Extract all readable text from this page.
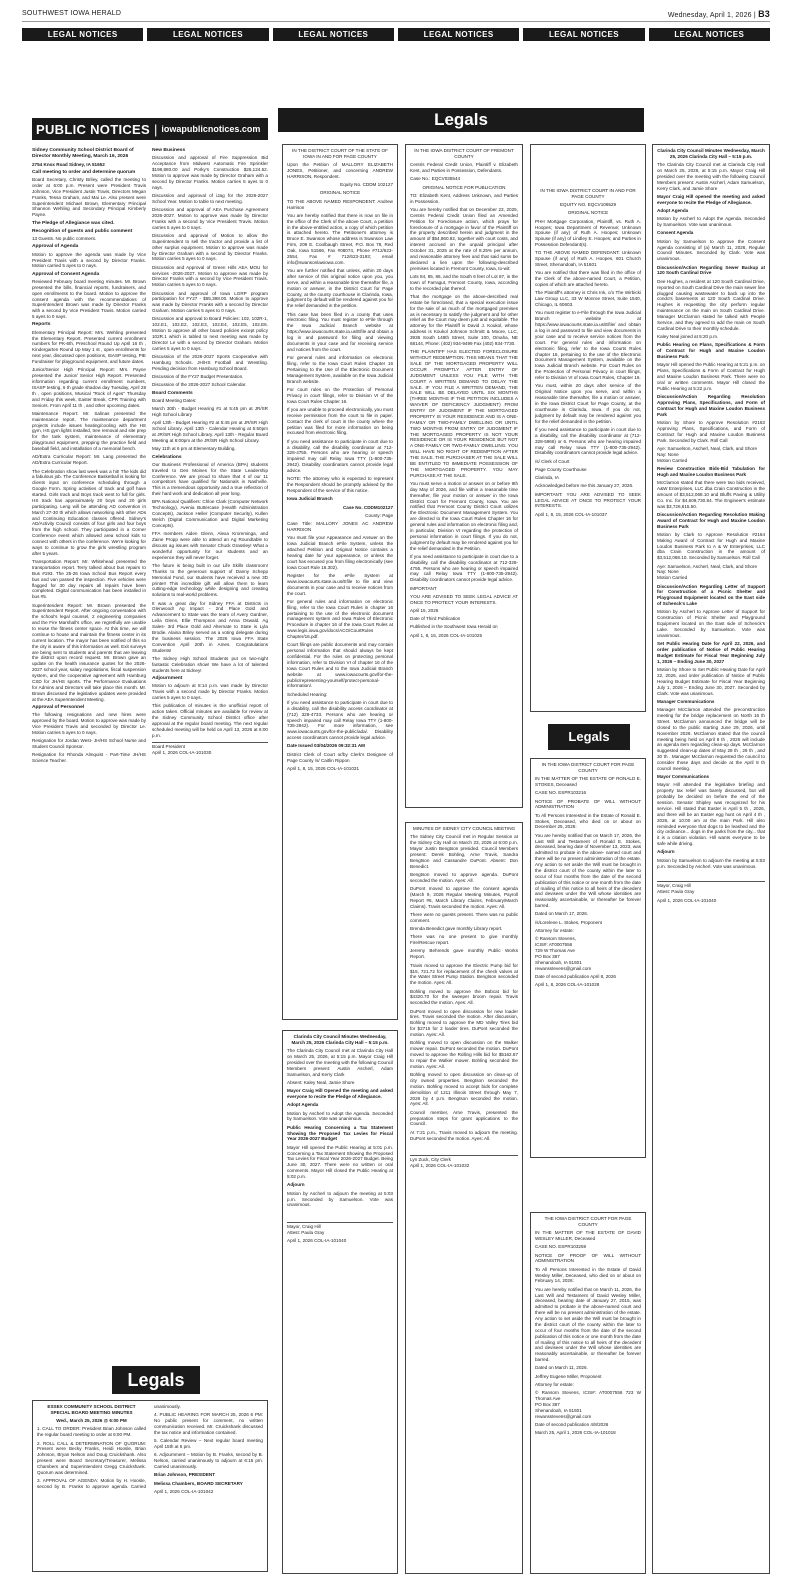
SOUTHWEST IOWA HERALD	Wednesday, April 1, 2026 | B3
LEGAL NOTICES	LEGAL NOTICES	LEGAL NOTICES	LEGAL NOTICES	LEGAL NOTICES	LEGAL NOTICES
Legals
PUBLIC NOTICES | iowapublicnotices.com
Sidney Community School District Board of Director Monthly Meeting, March 16, 2026

2754 Knox Road Sidney, IA 51652

Call meeting to order and determine quorum

Board Secretary, Christy Briley, called the meeting to order at 6:00 p.m. Present were President Travis Johnson, Vice President Justin Travis, Directors Megan Franks, Tessa Graham, and Mai Le. Also present were Superintendent Michael Brown, Elementary Principal Shannon Wehling and Secondary Principal Kimberly Payne.

The Pledge of Allegiance was cited.
Recognition of guests and public comment

13 Guests. No public comment.

Approval of Agenda

Motion to approve the agenda was made by Vice President Travis with a second by Director Franks. Motion carried 5 ayes to 0 nays.

Approval of Consent Agenda

Reviewed February board meeting minutes. Mr. Brown presented the bills, financial reports, fundraisers, and open enrollments to the board. Motion to approve the consent agenda with the recommendations of Superintendent Brown was made by Director Franks with a second by Vice President Travis. Motion carried 5 ayes to 0 nays.

Reports

Elementary Principal Report: Mrs. Wehling presented the Elementary Report. Presented current enrollment numbers for PK-6th, Preschool Round Up April 16 th , Kindergarten Round Up May 1 st , open enrollments for next year, discussed open positions, ISASP testing, PIE Fundraiser for playground equipment, and future dates.

Junior/Senior High Principal Report: Mrs. Payne presented the Junior/ Senior High Report. Presented information regarding current enrollment numbers, ISASP testing, 6 th grade shadow day Tuesday, April 28 th , open positions, Musical "Rock of Ages" Thursday and Friday this week, Easter Break, CPR Training with Seniors. From April 11 th , and other upcoming dates.

Maintenance Report: Mr. Salinas presented the maintenance report. The maintenance department projects include issues heating/cooling with the HS gym, HS gym lights installed, tree removal and site prep for the tank system, maintenance of elementary playground equipment, prepping the practice field and baseball field, and installation of a memorial bench.

AD/Extra Curricular Report: Mr. Lang presented the AD/Extra Curricular Report.

The Celebration show last week was a hit! The kids did a fabulous job. The Conference Basketball is looking for clients input on conference scheduling through a Google Form. Spring activities of track and golf have started. Girls track and Boys track went to full for girls. HS track has approximately 20 boys and 20 girls participating. Leng will be attending AD convention in March 27-30 th which allows networking with other ADs and Continuing Education classes offered. Sidney's AD/Activity Council consists of four girls and four boys from the high school. They participated in a Corner Conference event which allowed area school kids to connect with others in the conference. We're looking for ways to continue to grow the girls wrestling program after 5 years.

Transportation Report: Mr. Whitehead presented the transportation report. Terry talked about bus repairs to Bus #193. The 25-26 Iowa School Bus Report every bus and van passed the inspection. Five vehicles were flagged for 30 day repairs all repairs have been completed. Digital communication has been installed in bus #5.

Superintendent Report: Mr. Brown presented the Superintendent Report. After ongoing conversation with the school's legal counsel, 2 engineering companies and the Fire Marshall's office, we regretfully are unable to reuse the fitness center space. At this time, we will continue to house and maintain the fitness center in its current location. The mayor has been notified of this so the city is aware of this information as well. Exit surveys are being sent to students and parents that are leaving the district upon record request. Mr. Brown gave an update on the health insurance quotes for the 2026-2027 school year, salary negotiations, fiscal suspension system, and the cooperative agreement with Hamburg CSD for JH/HS sports. The Performance Evaluations for Admins and Directors will take place this month. Mr. Brown discussed the legislative updates were provided at the AEA Superintendent Meeting.

Approval of Personnel

The following resignations and new hires were approved by the board. Motion to approve was made by Vice President Travis and seconded by Director Le. Motion carries 5 ayes to 0 nays.

Resignation for Jordan West- JH/HS School Nurse and Student Council Sponsor.

Resignation for Rhonda Almquist - Part-Time JH/HS Science Teacher.

New Business

Discussion and approval of Fire Suppression Bid Acceptance from Midwest Automatic Fire Sprinkler $198,880.00 and Porky's Construction $26,124.52. Motion to approve was made by Director Graham with a second by Director Franks. Motion carries 5 ayes to 0 nays.

Discussion and approval of iJag for the 2026-2027 School Year. Motion to table to next meeting.

Discussion and approval of AEA Purchase Agreement 2026-2027. Motion to approve was made by Director Franks with a second by Vice President Travis. Motion carries 5 ayes to 0 nays.

Discussion and approval of Motion to allow the Superintendent to sell the tractor and provide a list of other surplus equipment. Motion to approve was made by Director Graham with a second by Director Franks. Motion carries 5 ayes to 0 nays.

Discussion and Approval of Green Hills AEA MOU for services -2026-2027. Motion to approve was made by Director Franks with a second by Vice President Travis. Motion carries 5 ayes to 0 nays.

Discussion and approval of Iowa LGRP program participation for FY27 - $55,398.00. Motion to approve was made by Director Franks with a second by Director Graham. Motion carries 5 ayes to 0 nays.

Discussion and approval to Board Policies: 102, 102R-1, 102.E1, 102.E2, 102.E3, 102.E4, 102.E5, 102.E6. Motion to approve all other board policies except policy 102R.1 which is tabled to next meeting was made by Director Le with a second by Director Graham. Motion carries 5 ayes to 0 nays.

Discussion of the 2026-2027 Sports Cooperative with Hamburg Schools. JH/HS Football and Wrestling. Pending decision from Hamburg School Board.

Discussion of the FY27 Budget Presentation.

Discussion of the 2026-2027 School Calendar.

Board Comments

Board Meeting Dates:

March 30th - Budget Hearing #1 at 5:45 pm at JR/SR High School Library

April 13th - Budget Hearing #2 at 5:45 pm at JR/SR High School Library. April 13th - Calendar Hearing at 5:50pm at JR/SR High School Library. April 13th - Regular Board Meeting at 6:00pm at the JR/SR High School Library.

May 11th at 6 pm at Elementary Building.

Celebrations

Our Business Professional of America (BPA) students traveled to Des Moines for the State Leadership Conference. We are proud to share that 4 of our 11 competitors have qualified for Nationals in Nashville. This is a tremendous opportunity and a true reflection of their hard work and dedication all year long.

BPA National Qualifiers: Chloe Clark (Computer Network Technology), Avenia Buttercase (Health Administration Concepts), Jackson Heller (Computer Security), Kullen Welch (Digital Communication and Digital Marketing Concepts).

FFA members Aiden Glenn, Alexa Kromminga, and Zaine Propp were able to attend an Ag Roundtable to discuss ag issues with Senator Chuck Grassley! What a wonderful opportunity for our students and an experience they will never forget.

The future is being built in our Life Skills classroom! Thanks to the generous support of Danny Schepp Memorial Fund, our students have received a new 3D printer! This incredible gift will allow them to learn cutting-edge technology while designing and creating solutions to real-world problems.

It was a great day for Sidney FFA at Districts in Glenwood! Ag Impact - 2nd Place Gold and Advancement to State was the team of Avery Gardner, Leila Glenn, Ellie Thompson and Anna Oswald. Ag Sales- 3rd Place Gold and Alternate to State is Lyla Brodie. Alaina Briley served as a voting delegate during the business session. The 2026 Iowa FFA State Convention April 20th in Ames. Congratulations Students!

The Sidney High School Students put on two-night fantastic Celebration show! We have a lot of talented students here at Sidney!

Adjournment

Motion to adjourn at 8:14 p.m. was made by Director Travis with a second made by Director Franks. Motion carries 5 ayes to 0 nays.

This publication of minutes is the unofficial report of action taken. Official minutes are available for review at the Sidney Community School District office after approval at the regular board meeting. The next regular scheduled meeting will be held on April 13, 2026 at 6:00 p.m.

Board President

April 1, 2026 COL-IA-101030

Legals

ESSEX COMMUNITY SCHOOL DISTRICT SPECIAL BOARD MEETING MINUTES

Wed., March 25, 2026 @ 6:00 PM

1. CALL TO ORDER: President Brian Johnson called the regular board meeting to order at 6:00 PM.

2. ROLL CALL & DETERMINATION OF QUORUM: Present were Becky Franks, Heidi Hoosle, Brian Johnson, Bryan Nelson and Doug Cruickshank. Also present were Board Secretary/Treasurer, Melissa Chambers and Superintendent Gregg Cruickshank. Quorum was determined.

3. APPROVAL OF AGENDA: Motion by H. Hoosle, second by B. Franks to approve agenda. Carried unanimously.

4. PUBLIC HEARING FOR MARCH 25, 2026 6 PM: No public present for comment, no written communication received. Mr. Cruickshank discussed the tax notice and information contained.

5. Calendar Review – Next regular board meeting April 15th at 6 pm.

6. Adjournment – Motion by B. Franks, second by B. Nelson, carried unanimously to adjourn at 6:15 pm. Carried unanimously.

Brian Johnson, PRESIDENT

Melissa Chambers, BOARD SECRETARY

April 1, 2026 COL-IA-101042

IN THE DISTRICT COURT OF THE STATE OF IOWA IN AND FOR PAGE COUNTY

Upon the Petition of MALLORY ELIZABETH JONES, Petitioner, and concerning ANDREW HARRISON, Respondent.

Equity No. CDDM 102127

ORIGINAL NOTICE

TO THE ABOVE NAMED RESPONDENT: Andrew Harrison

You are hereby notified that there is now on file in the office of the Clerk of the above Court, a petition in the above-entitled action, a copy of which petition is attached hereto. The Petitioner's attorney is Bruce E. Swanson whose address is Swanson Law Firm, 209 E. Coolbaugh Street, P.O. Box 78, Red Oak, Iowa 51566, Fax #08074, Phone #712/623-2554, Fax # 712/623-3193; email info@swansonlawiowa.com.

You are further notified that unless, within 20 days after service of this original notice upon you, you serve, and within a reasonable time thereafter file, a motion or answer, in the District Court for Page County, at the county courthouse in Clarinda, Iowa, judgment by default will be rendered against you for the relief demanded in the petition.

This case has been filed in a county that uses electronic filing. You must register to eFile through the Iowa Judicial Branch website at https://www.iowacourts.state.ia.us/Efile and obtain a log in and password for filing and viewing documents in your case and for receiving service and notices from the court.

For general rules and information on electronic filing, refer to the Iowa Court Rules Chapter 16 Pertaining to the Use of the Electronic Document Management System, available on the Iowa Judicial Branch website.

For court rules on the Protection of Personal Privacy in court filings, refer to Division VI of the Iowa Court Rules Chapter 16.

If you are unable to proceed electronically, you must receive permission from the court to file in paper. Contact the clerk of court in the county where the petition was filed for more information on being excused from electronic filing.

If you need assistance to participate in court due to a disability, call the disability coordinator at 712-328-4755. Persons who are hearing or speech impaired may call Relay Iowa TTY (1-800-735-2942). Disability coordinators cannot provide legal advice.

NOTE: The attorney who is expected to represent the Respondent should be promptly advised by the Respondent of the service of this notice.

Iowa Judicial Branch

Case No. CDDM102127

County: Page

Case Title: MALLORY JONES AC ANDREW HARRISON

You must file your Appearance and Answer on the Iowa Judicial Branch eFile System, unless the attached Petition and Original Notice contains a hearing date for your appearance, or unless the court has excused you from filing electronically (see Iowa Court Rule 16.302).

Register for the eFile System at www.iowacourts.state.ia.us/Efile to file and view documents in your case and to receive notices from the court.

For general rules and information on electronic filing, refer to the Iowa Court Rules in chapter 16 pertaining to the use of the electronic document management system and Iowa Rules of Electronic Procedure in chapter 16 of the Iowa Court Rules at www.legis.iowa.gov/docs/ACO/CourtRules Chapter/16.pdf.

Court filings are public documents and may contain personal information that should always be kept confidential. For the rules on protecting personal information, refer to Division VI of chapter 16 of the Iowa Court Rules and to the Iowa Judicial Branch website at www.iowacourts.gov/for-the-public/representing-yourself/protect-personal-information/.

Scheduled Hearing:

If you need assistance to participate in court due to a disability, call the disability access coordinator at (712) 328-4733. Persons who are hearing or speech impaired may call Relay Iowa TTY (1-800-735-2942). For more information, see www.iowacourts.gov/for-the-public/ada/. Disability access coordinators cannot provide legal advice.

Date Issued 03/04/2026 09:32:31 AM

District Clerk of Court or/by Clerk's Designee of Page County /s/ Caitlin Rippon

April 1, 8, 15, 2026 COL-IA-101031

Clarinda City Council Minutes Wednesday, March 25, 2026 Clarinda City Hall – 5:15 p.m.

The Clarinda City Council met at Clarinda City Hall on March 25, 2026, at 5:15 p.m. Mayor Craig Hill presided over the meeting with the following Council Members present: Austin Ascherl, Adam Samuelson, and Kerry Clark

Absent: Kaley Neal, Jamie Shore

Mayor Craig Hill Opened the meeting and asked everyone to recite the Pledge of Allegiance.

Adopt Agenda

Motion by Ascherl to Adopt the Agenda. Seconded by Samuelson. Vote was unanimous.

Public Hearing Concerning a Tax Statement Showing the Proposed Tax Levies for Fiscal Year 2026-2027 Budget

Mayor Hill opened the Public Hearing at 5:01 p.m. Concerning a Tax Statement Showing the Proposed Tax Levies for Fiscal Year 2026-2027 Budget. Being June 30, 2027. There were no written or oral comments. Mayor Hill closed the Public Hearing at 5:02 p.m.

Adjourn

Motion by Ascherl to adjourn the meeting at 5:03 p.m. Seconded by Samuelson. Vote was unanimous.

Mayor, Craig Hill

Attest: Paula Gray

April 1, 2026 COL-IA-101040

IN THE IOWA DISTRICT COURT OF FREMONT COUNTY

Centris Federal Credit Union, Plaintiff v. Elizabeth Kent, and Parties in Possession, Defendants.

Case No.: EQCV035544

ORIGINAL NOTICE FOR PUBLICATION

TO: Elizabeth Kent, Address Unknown, and Parties in Possession.

You are hereby notified that on December 23, 2025, Centris Federal Credit Union filed an Amended Petition for Foreclosure action, which prays for foreclosure of a mortgage in favor of the Plaintiff on the property described herein and judgment in the amount of $54,860.92, together with court costs, and interest accrued on the unpaid principal after October 31, 2025 at the rate of 8.25% per annum, and reasonable attorney fees and that said sums be declared a lien upon the following-described premises located in Fremont County, Iowa, to-wit:

Lots 84, 85, 86, and the South 6 feet of Lot 87, in the town of Farragut, Fremont County, Iowa, according to the recorded plat thereof.

That the mortgage on the above-described real estate be foreclosed, that a special execution issue for the sale of as much of the mortgaged premises as is necessary to satisfy the judgment and for other relief as the Court may deem just and equitable. The attorney for the Plaintiff is David J. Koukol, whose address is Koukol Johnson Schmitt & Moore, LLC, 3936 South 148th Street, Suite 100, Omaha, NE 68144, Phone: (402) 934-9499 Fax (402) 934-7730.

THE PLAINTIFF HAS ELECTED FORECLOSURE WITHOUT REDEMPTION. THIS MEANS THAT THE SALE OF THE MORTGAGED PROPERTY WILL OCCUR PROMPTLY AFTER ENTRY OF JUDGMENT UNLESS YOU FILE WITH THE COURT A WRITTEN DEMAND TO DELAY THE SALE. IF YOU FILE A WRITTEN DEMAND, THE SALE WILL BE DELAYED UNTIL SIX MONTHS (THREE MONTHS IF THE PETITION INCLUDES A WAIVER OF DEFICIENCY JUDGMENT) FROM ENTRY OF JUDGMENT IF THE MORTGAGED PROPERTY IS YOUR RESIDENCE AND IS A ONE-FAMILY OR TWO-FAMILY DWELLING OR UNTIL TWO MONTHS FROM ENTRY OF JUDGMENT IF THE MORTGAGED PROPERTY IS NOT YOUR RESIDENCE OR IS YOUR RESIDENCE BUT NOT A ONE-FAMILY OR TWO-FAMILY DWELLING. YOU WILL HAVE NO RIGHT OF REDEMPTION AFTER THE SALE. THE PURCHASER AT THE SALE WILL BE ENTITLED TO IMMEDIATE POSSESSION OF THE MORTGAGED PROPERTY. YOU MAY PURCHASE AT THE SALE.

You must serve a motion or answer on or before 9th day May of 2026, and file within a reasonable time thereafter, file your motion or answer in the Iowa District Court for Fremont County, Iowa. You are notified that Fremont County District Court utilizes the Electronic Document Management System. You are directed to the Iowa Court Rules Chapter 16 for general rules and information on electronic filing and, in particular, Division VI regarding the protection of personal information in court filings. If you do not, judgment by default may be rendered against you for the relief demanded in the Petition.

If you need assistance to participate in court due to a disability, call the disability coordinator at 712-328-4755. Persons who are hearing or speech impaired may call Relay Iowa TTY (1-800-735-2942). Disability coordinators cannot provide legal advice.

IMPORTANT

YOU ARE ADVISED TO SEEK LEGAL ADVICE AT ONCE TO PROTECT YOUR INTERESTS.

April 15, 2026

Date of Third Publication

Published in the Southwest Iowa Herald on

April 1, 8, 15, 2026 COL-IA-101025

MINUTES OF SIDNEY CITY COUNCIL MEETING

The Sidney City Council met in Regular Session at the Sidney City Hall on March 23, 2026 at 6:00 p.m. Mayor Justin Bengtson presided. Council Members present: Derek Bohling, Arne Travis, Sandra Bengtson and Cassandre DuPont. Absent: Don Benedict.

Bengtson moved to approve agenda. DuPont seconded the motion. Ayes: All.

DuPont moved to approve the consent agenda (March 9, 2026 Regular Meeting Minutes, Payroll Report #6, March Library Claims, February/March Claims). Travis seconded the motion. Ayes: All.

There were no guests present. There was no public comment.

Brenda Benedict gave monthly Library report.

There was no one present to give monthly Fire/Rescue report.

Jeremy Behrends gave monthly Public Works Report.

Travis moved to approve the Electric Pump bid for $15, 721.72 for replacement of the check valves at the Water Street Pump Station. Bengtson seconded the motion. Ayes: All.

Bohling moved to approve the Bobcat bid for $4320.70 for the sweeper broom repair. Travis seconded the motion. Ayes: All.

DuPont moved to open discussion for new loader tires. Travis seconded the motion. After discussion, Bohling moved to approve the MD Valley Tires bid for $2715 for 2 loader tires. DuPont seconded the motion. Ayes: All.

Bohling moved to open discussion on the Walker mower repair. DuPont seconded the motion. DuPont moved to approve the Rolling Hills bid for $5162.87 to repair the Walker mower. Bohling seconded the motion. Ayes: All.

Bohling moved to open discussion on clean-up of city owned properties. Bengtson seconded the motion. Bohling moved to accept bids for complete demolition of 1211 Illinois Street through May 7, 2026 by 4 p.m. Bengtson seconded the motion. Ayes: All.

Council member, Arne Travis, presented the preparation steps for grant applications to the Council.

At 7:21 p.m., Travis moved to adjourn the meeting. DuPont seconded the motion. Ayes: All.

Lyn Zuck, City Clerk

April 1, 2026 COL-IA-101032

IN THE IOWA DISTRICT COURT IN AND FOR PAGE COUNTY

EQUITY NO. EQCV106529

ORIGINAL NOTICE

PHH Mortgage Corporation, Plaintiff, vs. Ruth A. Hoopes; Iowa Department of Revenue; Unknown Spouse (if any) of Ruth A. Hoopes; Unknown Spouse (if any) of Lindley E. Hoopes; and Parties in Possession Defendant(s).

TO THE ABOVE NAMED DEFENDANT: Unknown Spouse (if any) of Ruth A. Hoopes, 601 Church Street, Shenandoah, IA 51601

You are notified that there was filed in the office of the Clerk of the above-named Court, a Petition, copies of which are attached hereto.

The Plaintiff's attorney is Chris Ink, c/o The Wirbicki Law Group LLC, 33 W Monroe Street, Suite 1540, Chicago, IL 60603.

You must register to e-File through the Iowa Judicial Branch website at https://www.iowacourts.state.ia.us/Efile/ and obtain a log in and password to file and view documents in your case and to receive service notices from the court. For general rules and information on electronic filing, refer to the Iowa Courts Rules chapter 16, pertaining to the use of the Electronic Document Management System, available on the Iowa Judicial Branch website. For Court Rules on the Protection of Personal Privacy in court filings, refer to Division VI of Iowa Court Rules, Chapter 16.

You must, within 20 days after service of the Original Notice upon you serve, and within a reasonable time thereafter, file a motion or answer, in the Iowa District Court for Page County, at the courthouse in Clarinda, Iowa. If you do not, judgment by default may be rendered against you for the relief demanded in the petition.

If you need assistance to participate in court due to a disability, call the disability coordinator at (712-328-5966) or 6. Persons who are hearing impaired may call Relay Iowa TTY (1-800-735-2942). Disability coordinators cannot provide legal advice.

/s/ Clerk of Court

Page County Courthouse

Clarinda, IA

Acknowledged before me this January 27, 2026.

IMPORTANT: YOU ARE ADVISED TO SEEK LEGAL ADVICE AT ONCE TO PROTECT YOUR INTERESTS.

April 1, 8, 15, 2026 COL-IA-101037

Legals

IN THE IOWA DISTRICT COURT FOR PAGE COUNTY

IN THE MATTER OF THE ESTATE OF RONALD E. STOKES, Deceased

CASE NO. ESPR103216

NOTICE OF PROBATE OF WILL WITHOUT ADMINISTRATION

To All Persons Interested in the Estate of Ronald E. Stokes, Deceased, who died on or about on December 25, 2025:

You are hereby notified that on March 17, 2026, the Last Will and Testament of Ronald E. Stokes, deceased, bearing date of November 13, 2023, was admitted to probate in the above- named court and there will be no present administration of the estate. Any action to set aside the Will must be brought in the district court of the county within the later to occur of four months from the date of the second publication of this notice or one month from the date of mailing of this notice to all heirs of the decedent and devisees under the Will whose identities are reasonably ascertainable, or thereafter be forever barred.

Dated on March 17, 2026.

/s/Lorelene L. Stokes, Proponent

Attorney for estate:

© Ransom Stevens,

ICIS#: AT0007556

729 W Thomas Ave

PO Box 387

Shenandoah, IA 51601

rewansstevens@gmail.com

Date of second publication April 8, 2026

April 1, 8, 2026 COL-IA-101028

THE IOWA DISTRICT COURT FOR PAGE COUNTY

IN THE MATTER OF THE ESTATE OF DAVID WESLEY MILLER, Deceased

CASE NO. ESPR103259

NOTICE OF PROOF OF WILL WITHOUT ADMINISTRATION

To All Persons Interested in the Estate of David Wesley Miller, Deceased, who died on or about on February 14, 2026:

You are hereby notified that on March 11, 2026, the Last Will and Testament of David Wesley Miller, deceased, bearing date of January 27, 2015, was admitted to probate in the above-named court and there will be no present administration of the estate. Any action to set aside the Will must be brought in the district court of the county within the later to occur of four months from the date of the second publication of this notice or one month from the date of mailing of this notice to all heirs of the decedent and devisees under the Will whose identities are reasonably ascertainable, or thereafter be forever barred.

Dated on March 11, 2026.

Jeffrey Eugene Miller, Proponent

Attorney for estate:

© Ransom Stevens, ICIS#: AT0007556 723 W Thomas Ave

PO Box 387

Shenandoah, IA 51601

rewansstevens@gmail.com

Date of second publication 4/8/2026

March 25, April 1, 2026 COL-IA-101018

Clarinda City Council Minutes Wednesday, March 25, 2026 Clarinda City Hall – 5:15 p.m.

The Clarinda City Council met at Clarinda City Hall on March 25, 2026, at 5:15 p.m. Mayor Craig Hill presided over the meeting with the following Council Members present: Austin Ascherl, Adam Samuelson, Kerry Clark, and Jamie Shore

Mayor Craig Hill opened the meeting and asked everyone to recite the Pledge of Allegiance.

Adopt Agenda

Motion by Ascherl to Adopt the Agenda. Seconded by Samuelson. Vote was unanimous.

Consent Agenda

Motion by Samuelson to approve the Consent Agenda consisting of (a) March 11, 2026, Regular Council Minutes. Seconded by Clark. Vote was unanimous.

Discussion/Action Regarding Sewer Backup at 120 South Cardinal Drive

Dee Hughes, a resident at 120 South Cardinal Drive, reported on South Cardinal Drive the main sewer line plugged causing wastewater to back up into the condo's basements at 120 South Cardinal Drive. Hughes is requesting the city perform regular maintenance on the main on South Cardinal Drive. Manager McClarnon stated he talked with People Service, and they agreed to add the main on South Cardinal Drive to their monthly schedule.

Kaley Neal joined at 5:20 p.m.

Public Hearing on Plans, Specifications & Form of Contract for Hugh and Maxine Loudon Business Park

Mayor Hill opened the Public Hearing at 5:21 p.m. on Plans, Specifications & Form of Contract for Hugh and Maxine Loudon Business Park. There were no oral or written comments. Mayor Hill closed the Public Hearing at 5:22 p.m.

Discussion/Action Regarding Resolution Approving Plans, Specifications, and Form of Contract for Hugh and Maxine Loudon Business Park

Motion by Shore to Approve Resolution #2163 Approving Plans, Specifications, and Form of Contract for Hugh and Maxine Loudon Business Park. Seconded by Clark. Roll Call

Aye: Samuelson, Ascherl, Neal, Clark, and Shore

Nay: None

Motion Carried

Review Construction Bids-Bid Tabulation for Hugh and Maxine Loudon Business Park

McClarnon stated that there were two bids received, A&W Enterprises, LLC dba Crain Construction in the amount of $3,512,068.10 and Bluffs Paving & Utility Co. Inc. for $4,609,730.84. The Engineer's estimate was $3,726,615.50.

Discussion/Action Regarding Resolution Making Award of Contract for Hugh and Maxine Loudon Business Park

Motion by Clark to Approve Resolution #2164 Making Award of Contract for Hugh and Maxine Loudon Business Park to A & W Enterprises, LLC dba Crain Construction in the amount of $3,512,068.10. Seconded by Samuelson. Roll Call

Aye: Samuelson, Ascherl, Neal, Clark, and Shore

Nay: None

Motion Carried

Discussion/Action Regarding Letter of Support for Construction of a Picnic Shelter and Playground Equipment located on the East side of Schenck's Lake

Motion by Ascherl to Approve Letter of Support for Construction of Picnic Shelter and Playground Equipment located on the East side of Schenck's Lake. Seconded by Samuelson. Vote was unanimous.

Set Public Hearing Date for April 22, 2026, and order publication of Notice of Public Hearing Budget Estimate for Fiscal Year Beginning July 1, 2026 – Ending June 30, 2027

Motion by Shore to Set Public Hearing Date for April 22, 2026, and order publication of Notice of Public Hearing Budget Estimate for Fiscal Year Beginning July 1, 2026 – Ending June 30, 2027. Seconded by Clark. Vote was unanimous.

Manager Communications

Manager McClarnon attended the preconstruction meeting for the bridge replacement on North 16 th Street. McClarnon announced the bridge will be closed to the public starting June 29, 2026, until November 2026. McClarnon stated that the council meeting being held on April 8 th , 2026 will include an agenda item regarding clean-up days. McClarnon suggested clean-up dates of May 28 th , 29 th , and 30 th . Manager McClarnon requested the council to consider those days and decide at the April 8 th council meeting.

Mayor Communications

Mayor Hill attended the legislative briefing and property tax relief was barely discussed, but will probably be decided on before the end of the session. Senator Shipley was recognized for his service. Hill stated that Easter is April 5 th , 2026, and there will be an Easter egg hunt on April 4 th , 2026, at 10:00 am at the main Park. Hill also reminded everyone that dogs to be leashed and the city ordinance... dogs in the parks from the city... that it is a citation violation. Hill wants everyone to be safe while driving.

Adjourn

Motion by Samuelson to adjourn the meeting at 5:53 p.m. Seconded by Ascherl. Vote was unanimous.

Mayor, Craig Hill

Attest: Paula Gray

April 1, 2026 COL-IA-101040
